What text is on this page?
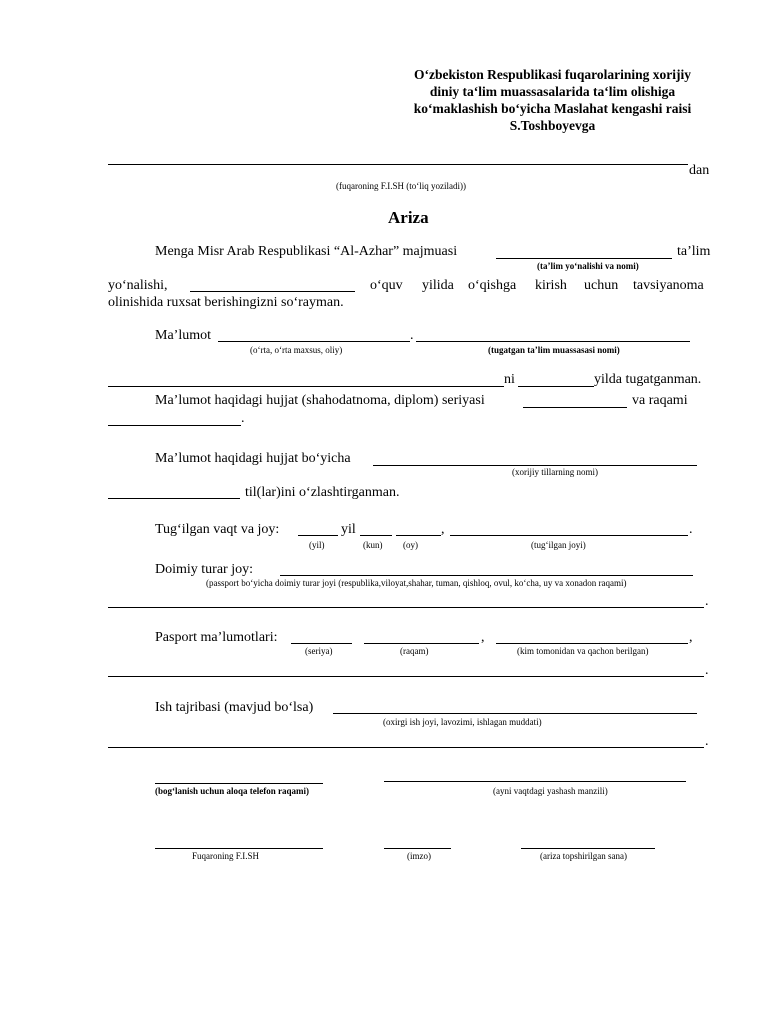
O‘zbekiston Respublikasi fuqarolarining xorijiy
diniy ta‘lim muassasalarida ta‘lim olishiga
ko‘maklashish bo‘yicha Maslahat kengashi raisi
S.Toshboyevga
dan
(fuqaroning F.I.SH (to‘liq yoziladi))
Ariza
Menga Misr Arab Respublikasi “Al-Azhar” majmuasi	ta’lim
(ta’lim yo‘nalishi va nomi)
yo‘nalishi,	o‘quv yilida o‘qishga kirish uchun tavsiyanoma
olinishida ruxsat berishingizni so‘rayman.
Ma’lumot	.
(o‘rta, o‘rta maxsus, oliy)	(tugatgan ta’lim muassasasi nomi)
ni	yilda tugatganman.
Ma’lumot haqidagi hujjat (shahodatnoma, diplom) seriyasi	va raqami
.
Ma’lumot haqidagi hujjat bo‘yicha
(xorijiy tillarning nomi)
til(lar)ini o‘zlashtirganman.
Tug‘ilgan vaqt va joy:	yil	,	.
(yil)	(kun) (oy)	(tug‘ilgan joyi)
Doimiy turar joy:
(passport bo‘yicha doimiy turar joyi (respublika,viloyat,shahar, tuman, qishloq, ovul, ko‘cha, uy va xonadon raqami)
.
Pasport ma’lumotlari:	,	,
(seriya)	(raqam)	(kim tomonidan va qachon berilgan)
.
Ish tajribasi (mavjud bo‘lsa)
(oxirgi ish joyi, lavozimi, ishlagan muddati)
.
(bog‘lanish uchun aloqa telefon raqami)	(ayni vaqtdagi yashash manzili)
Fuqaroning F.I.SH	(imzo)	(ariza topshirilgan sana)
